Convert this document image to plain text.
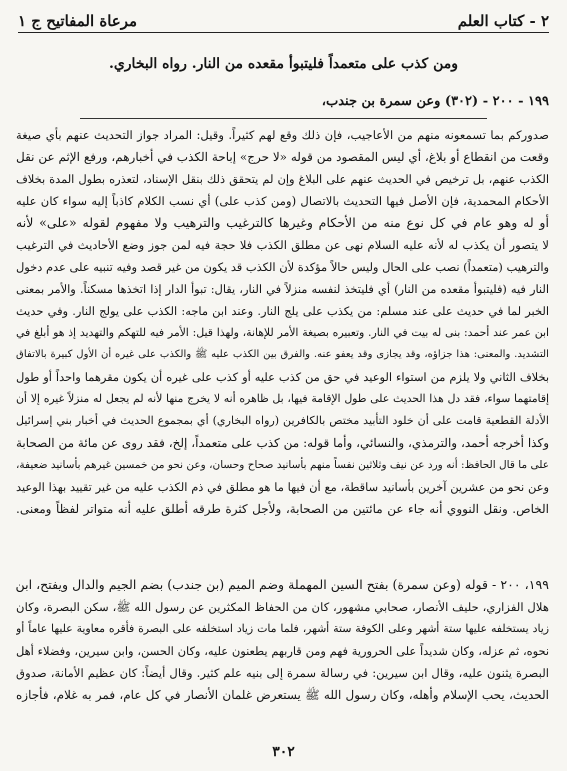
٢ - كتاب العلم
مرعاة المفاتيح ج ١
ومن كذب على متعمداً فليتبوأ مقعده من النار. رواه البخاري.
١٩٩ - ٢٠٠ - (٣٠٢) وعن سمرة بن جندب،
صدورکم بما تسمعونه منهم من الأعاجيب، فإن ذلك وقع لهم كثيراً. وقيل: المراد جواز التحديث عنهم بأي صيغة
وقعت من انقطاع أو بلاغ، أي ليس المقصود من قوله «لا حرج» إباحة الكذب في أخبارهم، ورفع الإثم عن نقل
الكذب عنهم، بل ترخيص في الحديث عنهم على البلاغ وإن لم يتحقق ذلك بنقل الإسناد، لتعذره بطول المدة بخلاف
الأحكام المحمدية، فإن الأصل فيها التحديث بالاتصال (ومن كذب على) أي نسب الكلام كاذباً إليه سواء كان عليه
أو له وهو عام في كل نوع منه من الأحكام وغيرها كالترغيب والترهيب ولا مفهوم لقوله «على» لأنه
لا يتصور أن يكذب له لأنه عليه السلام نهى عن مطلق الكذب فلا حجة فيه لمن جوز وضع الأحاديث في الترغيب
والترهيب (متعمداً) نصب على الحال وليس حالاً مؤكدة لأن الكذب قد يكون من غير قصد وفيه تنبيه على عدم دخول
النار فيه (فليتبوأ مقعده من النار) أي فليتخذ لنفسه منزلاً في النار، يقال: تبوأ الدار إذا اتخذها مسكناً. والأمر بمعنى
الخبر لما في حديث على عند مسلم: من يكذب على يلج النار. وعند ابن ماجه: الكذب على يولج النار. وفي حديث
ابن عمر عند أحمد: بنى له بيت في النار. وتعبيره بصيغة الأمر للإهانة، ولهذا قيل: الأمر فيه للتهكم والتهديد إذ هو أبلغ في
التشديد. والمعنى: هذا جزاؤه، وقد يجازى وقد يعفو عنه. والفرق بين الكذب عليه ﷺ والكذب على غيره أن الأول كبيرة بالاتفاق
بخلاف الثاني ولا يلزم من استواء الوعيد في حق من كذب عليه أو كذب على غيره أن يكون مقرهما واحداً أو طول
إقامتهما سواء، فقد دل هذا الحديث على طول الإقامة فيها، بل ظاهره أنه لا يخرج منها لأنه لم يجعل له منزلاً غيره إلا أن
الأدلة القطعية قامت على أن خلود التأبيد مختص بالكافرين (رواه البخاري) أي بمجموع الحديث في أخبار بني إسرائيل
وكذا أخرجه أحمد، والترمذي، والنسائي، وأما قوله: من كذب على متعمداً، إلخ، فقد روى عن مائة من الصحابة
على ما قال الحافظ: أنه ورد عن نيف وثلاثين نفساً منهم بأسانيد صحاح وحسان، وعن نحو من خمسين غيرهم بأسانيد ضعيفة،
وعن نحو من عشرين آخرين بأسانيد ساقطة، مع أن فيها ما هو مطلق في ذم الكذب عليه من غير تقييد بهذا الوعيد
الخاص. ونقل النووي أنه جاء عن مائتين من الصحابة، ولأجل كثرة طرقه أطلق عليه أنه متواتر لفظاً ومعنى.
١٩٩، ٢٠٠ - قوله (وعن سمرة) بفتح السين المهملة وضم الميم (بن جندب) بضم الجيم والدال ويفتح، ابن
هلال الفزاري، حليف الأنصار، صحابي مشهور، كان من الحفاظ المكثرين عن رسول الله ﷺ، سكن البصرة، وكان
زياد يستخلفه عليها ستة أشهر وعلى الكوفة ستة أشهر، فلما مات زياد استخلفه على البصرة فأقره معاوية عليها عاماً أو
نحوه، ثم عزله، وكان شديداً على الحرورية فهم ومن قاربهم يطعنون عليه، وكان الحسن، وابن سيرين، وفضلاء أهل
البصرة يثنون عليه، وقال ابن سيرين: في رسالة سمرة إلى بنيه علم كثير. وقال أيضاً: كان عظيم الأمانة، صدوق
الحديث، يحب الإسلام وأهله، وكان رسول الله ﷺ يستعرض غلمان الأنصار في كل عام، فمر به غلام، فأجازه
٣٠٢
